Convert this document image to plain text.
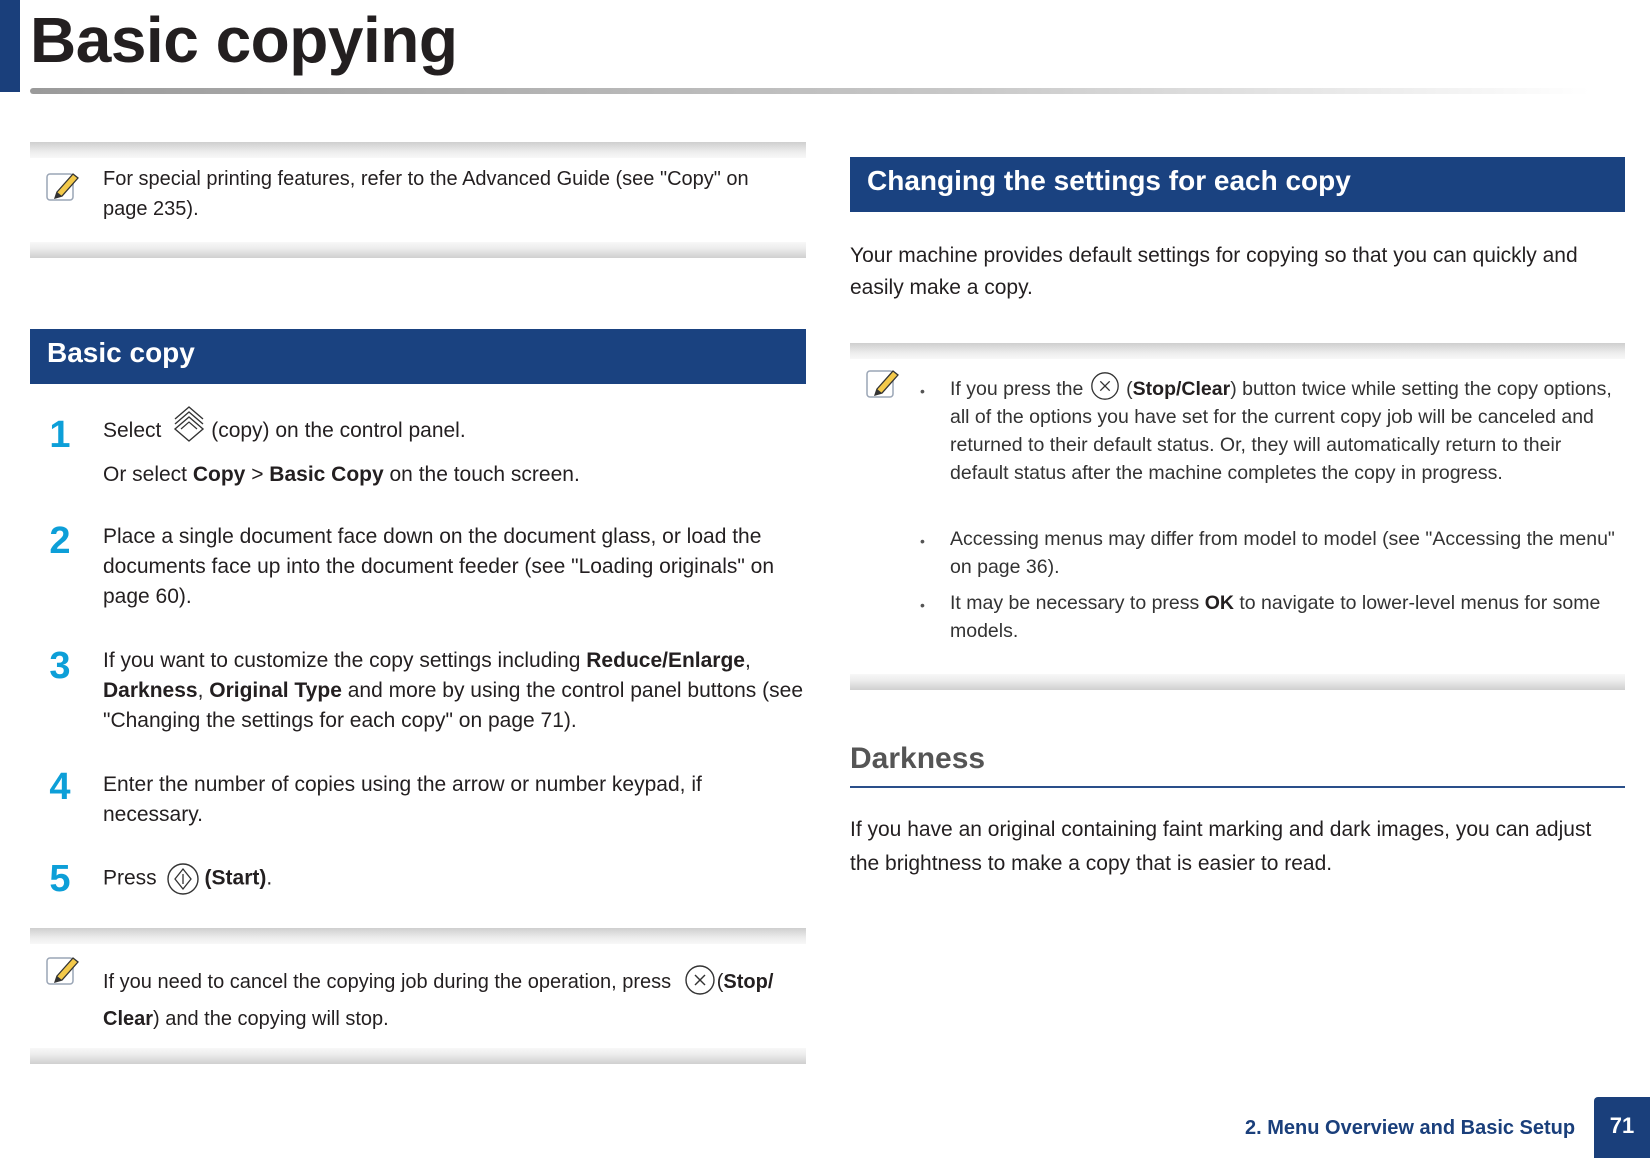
Basic copying
For special printing features, refer to the Advanced Guide (see "Copy" on page 235).
Basic copy
1	Select (copy) on the control panel.
Or select Copy > Basic Copy on the touch screen.
2	Place a single document face down on the document glass, or load the documents face up into the document feeder (see "Loading originals" on page 60).
3	If you want to customize the copy settings including Reduce/Enlarge, Darkness, Original Type and more by using the control panel buttons (see "Changing the settings for each copy" on page 71).
4	Enter the number of copies using the arrow or number keypad, if necessary.
5	Press (Start).
If you need to cancel the copying job during the operation, press (Stop/
Clear) and the copying will stop.
Changing the settings for each copy
Your machine provides default settings for copying so that you can quickly and easily make a copy.
• If you press the  (Stop/Clear) button twice while setting the copy options, all of the options you have set for the current copy job will be canceled and returned to their default status. Or, they will automatically return to their default status after the machine completes the copy in progress.
• Accessing menus may differ from model to model (see "Accessing the menu" on page 36).
• It may be necessary to press OK to navigate to lower-level menus for some models.
Darkness
If you have an original containing faint marking and dark images, you can adjust the brightness to make a copy that is easier to read.
2. Menu Overview and Basic Setup	71
